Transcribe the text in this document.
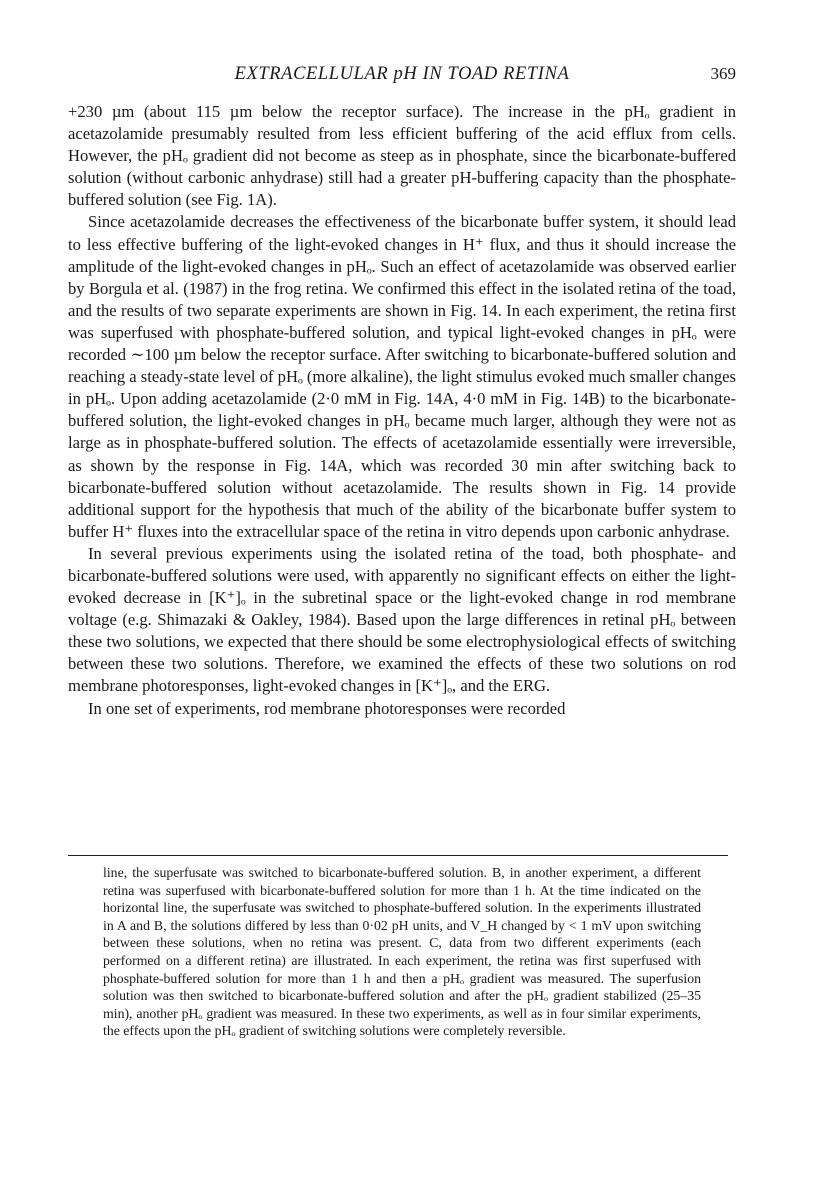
EXTRACELLULAR pH IN TOAD RETINA	369

+230 µm (about 115 µm below the receptor surface). The increase in the pHₒ gradient in acetazolamide presumably resulted from less efficient buffering of the acid efflux from cells. However, the pHₒ gradient did not become as steep as in phosphate, since the bicarbonate-buffered solution (without carbonic anhydrase) still had a greater pH-buffering capacity than the phosphate-buffered solution (see Fig. 1A).

Since acetazolamide decreases the effectiveness of the bicarbonate buffer system, it should lead to less effective buffering of the light-evoked changes in H⁺ flux, and thus it should increase the amplitude of the light-evoked changes in pHₒ. Such an effect of acetazolamide was observed earlier by Borgula et al. (1987) in the frog retina. We confirmed this effect in the isolated retina of the toad, and the results of two separate experiments are shown in Fig. 14. In each experiment, the retina first was superfused with phosphate-buffered solution, and typical light-evoked changes in pHₒ were recorded ∼100 µm below the receptor surface. After switching to bicarbonate-buffered solution and reaching a steady-state level of pHₒ (more alkaline), the light stimulus evoked much smaller changes in pHₒ. Upon adding acetazolamide (2·0 mM in Fig. 14A, 4·0 mM in Fig. 14B) to the bicarbonate-buffered solution, the light-evoked changes in pHₒ became much larger, although they were not as large as in phosphate-buffered solution. The effects of acetazolamide essentially were irreversible, as shown by the response in Fig. 14A, which was recorded 30 min after switching back to bicarbonate-buffered solution without acetazolamide. The results shown in Fig. 14 provide additional support for the hypothesis that much of the ability of the bicarbonate buffer system to buffer H⁺ fluxes into the extracellular space of the retina in vitro depends upon carbonic anhydrase.

In several previous experiments using the isolated retina of the toad, both phosphate- and bicarbonate-buffered solutions were used, with apparently no significant effects on either the light-evoked decrease in [K⁺]ₒ in the subretinal space or the light-evoked change in rod membrane voltage (e.g. Shimazaki & Oakley, 1984). Based upon the large differences in retinal pHₒ between these two solutions, we expected that there should be some electrophysiological effects of switching between these two solutions. Therefore, we examined the effects of these two solutions on rod membrane photoresponses, light-evoked changes in [K⁺]ₒ, and the ERG.

In one set of experiments, rod membrane photoresponses were recorded

line, the superfusate was switched to bicarbonate-buffered solution. B, in another experiment, a different retina was superfused with bicarbonate-buffered solution for more than 1 h. At the time indicated on the horizontal line, the superfusate was switched to phosphate-buffered solution. In the experiments illustrated in A and B, the solutions differed by less than 0·02 pH units, and V_H changed by < 1 mV upon switching between these solutions, when no retina was present. C, data from two different experiments (each performed on a different retina) are illustrated. In each experiment, the retina was first superfused with phosphate-buffered solution for more than 1 h and then a pHₒ gradient was measured. The superfusion solution was then switched to bicarbonate-buffered solution and after the pHₒ gradient stabilized (25–35 min), another pHₒ gradient was measured. In these two experiments, as well as in four similar experiments, the effects upon the pHₒ gradient of switching solutions were completely reversible.
